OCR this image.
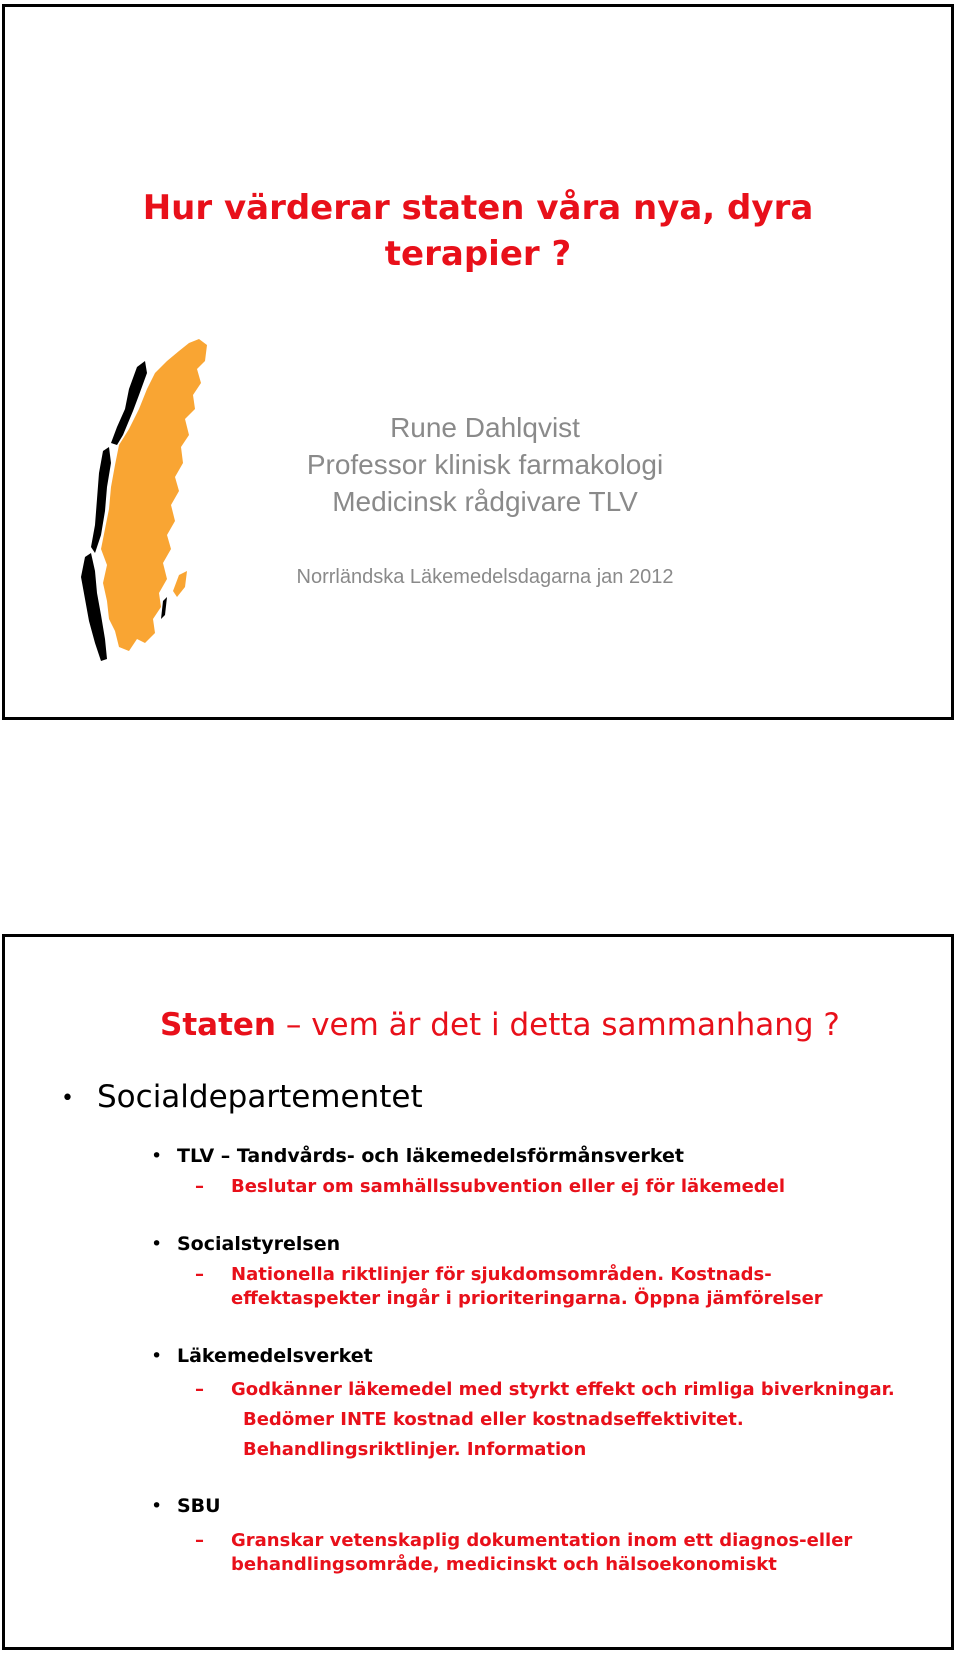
Hur värderar staten våra nya, dyra
terapier ?
Rune Dahlqvist
Professor klinisk farmakologi
Medicinsk rådgivare TLV
Norrländska Läkemedelsdagarna jan 2012
Staten – vem är det i detta sammanhang ?
• Socialdepartementet
• TLV – Tandvårds- och läkemedelsförmånsverket
–	Beslutar om samhällssubvention eller ej för läkemedel
• Socialstyrelsen
–	Nationella riktlinjer för sjukdomsområden. Kostnads-
effektaspekter ingår i prioriteringarna. Öppna jämförelser
• Läkemedelsverket
–	Godkänner läkemedel med styrkt effekt och rimliga biverkningar.
Bedömer INTE kostnad eller kostnadseffektivitet.
Behandlingsriktlinjer. Information
• SBU
–	Granskar vetenskaplig dokumentation inom ett diagnos-eller
behandlingsområde, medicinskt och hälsoekonomiskt
